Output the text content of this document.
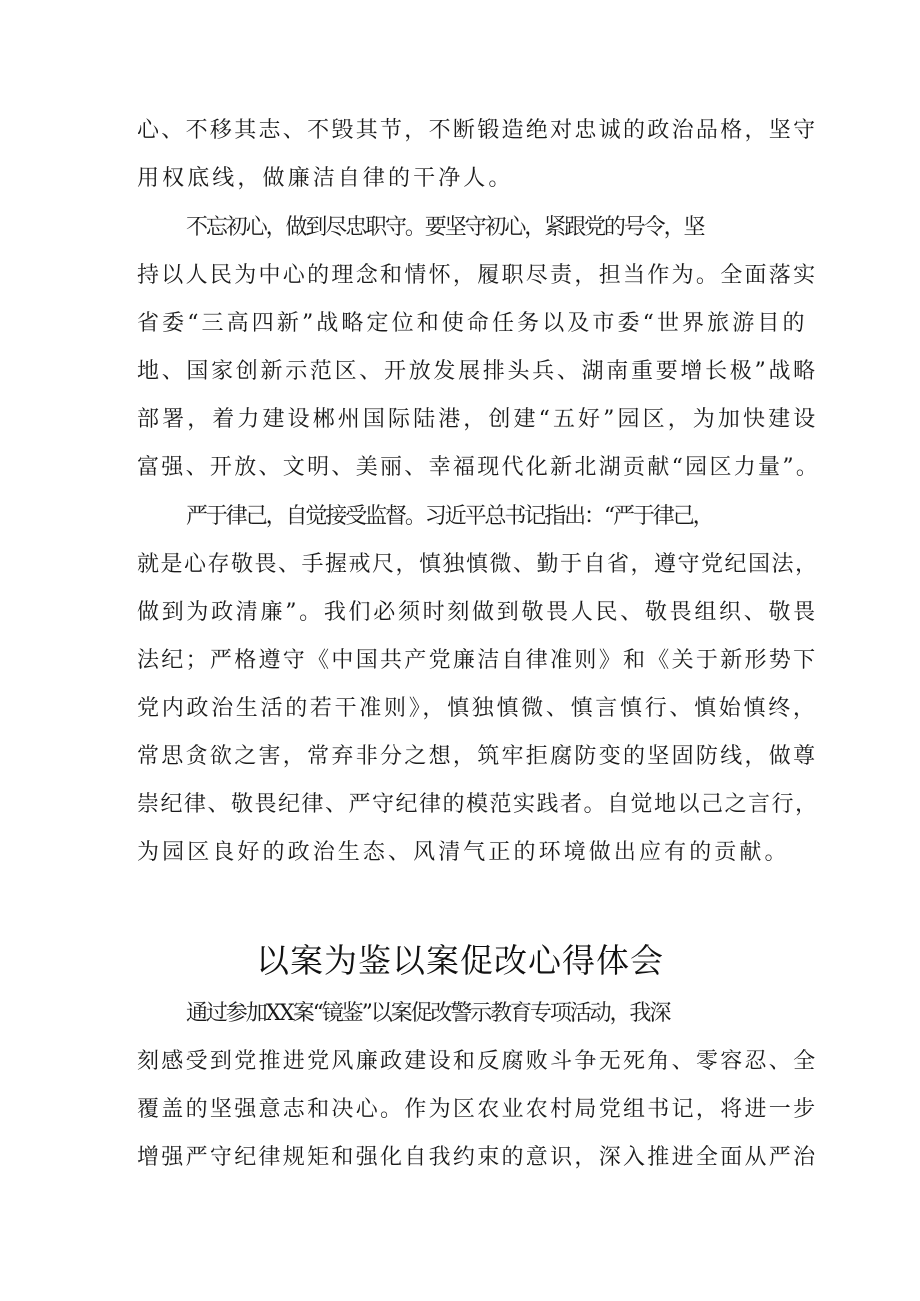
心、不移其志、不毁其节，不断锻造绝对忠诚的政治品格，坚守
用权底线，做廉洁自律的干净人。
不忘初心，做到尽忠职守。要坚守初心，紧跟党的号令，坚
持以人民为中心的理念和情怀，履职尽责，担当作为。全面落实
省委“三高四新”战略定位和使命任务以及市委“世界旅游目的
地、国家创新示范区、开放发展排头兵、湖南重要增长极”战略
部署，着力建设郴州国际陆港，创建“五好”园区，为加快建设
富强、开放、文明、美丽、幸福现代化新北湖贡献“园区力量”。
严于律己，自觉接受监督。习近平总书记指出：“严于律己，
就是心存敬畏、手握戒尺，慎独慎微、勤于自省，遵守党纪国法，
做到为政清廉”。我们必须时刻做到敬畏人民、敬畏组织、敬畏
法纪；严格遵守《中国共产党廉洁自律准则》和《关于新形势下
党内政治生活的若干准则》，慎独慎微、慎言慎行、慎始慎终，
常思贪欲之害，常弃非分之想，筑牢拒腐防变的坚固防线，做尊
崇纪律、敬畏纪律、严守纪律的模范实践者。自觉地以己之言行，
为园区良好的政治生态、风清气正的环境做出应有的贡献。
以案为鉴以案促改心得体会
通过参加XX案“镜鉴”以案促改警示教育专项活动，我深
刻感受到党推进党风廉政建设和反腐败斗争无死角、零容忍、全
覆盖的坚强意志和决心。作为区农业农村局党组书记，将进一步
增强严守纪律规矩和强化自我约束的意识，深入推进全面从严治
